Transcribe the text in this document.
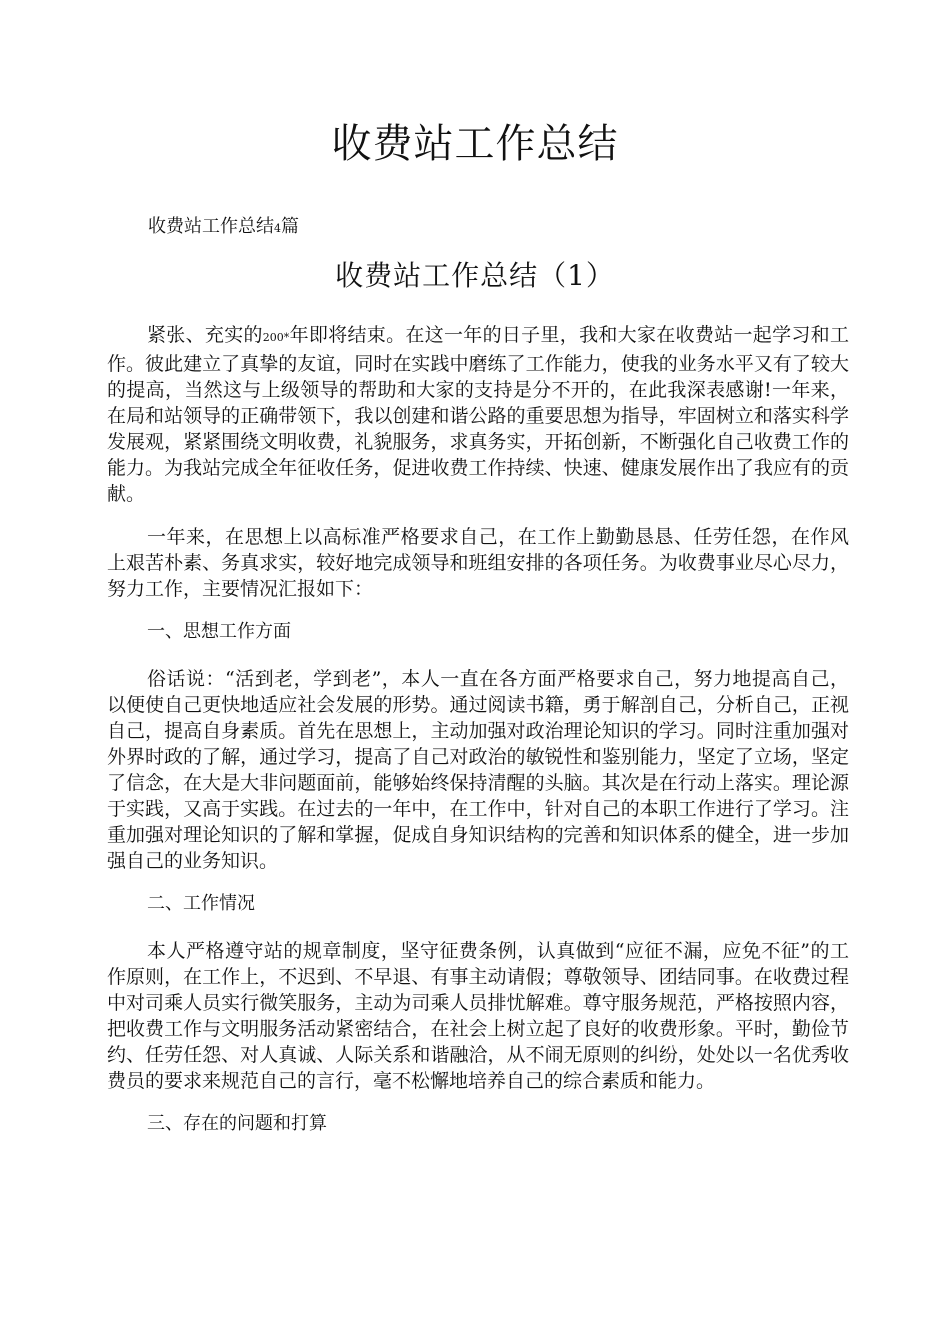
收费站工作总结

收费站工作总结4篇

收费站工作总结（1）

紧张、充实的200*年即将结束。在这一年的日子里，我和大家在收费站一起学习和工作。彼此建立了真挚的友谊，同时在实践中磨练了工作能力，使我的业务水平又有了较大的提高，当然这与上级领导的帮助和大家的支持是分不开的，在此我深表感谢!一年来，在局和站领导的正确带领下，我以创建和谐公路的重要思想为指导，牢固树立和落实科学发展观，紧紧围绕文明收费，礼貌服务，求真务实，开拓创新，不断强化自己收费工作的能力。为我站完成全年征收任务，促进收费工作持续、快速、健康发展作出了我应有的贡献。

一年来，在思想上以高标准严格要求自己，在工作上勤勤恳恳、任劳任怨，在作风上艰苦朴素、务真求实，较好地完成领导和班组安排的各项任务。为收费事业尽心尽力，努力工作，主要情况汇报如下：

一、思想工作方面

俗话说：“活到老，学到老”，本人一直在各方面严格要求自己，努力地提高自己，以便使自己更快地适应社会发展的形势。通过阅读书籍，勇于解剖自己，分析自己，正视自己，提高自身素质。首先在思想上，主动加强对政治理论知识的学习。同时注重加强对外界时政的了解，通过学习，提高了自己对政治的敏锐性和鉴别能力，坚定了立场，坚定了信念，在大是大非问题面前，能够始终保持清醒的头脑。其次是在行动上落实。理论源于实践，又高于实践。在过去的一年中，在工作中，针对自己的本职工作进行了学习。注重加强对理论知识的了解和掌握，促成自身知识结构的完善和知识体系的健全，进一步加强自己的业务知识。

二、工作情况

本人严格遵守站的规章制度，坚守征费条例，认真做到“应征不漏，应免不征”的工作原则，在工作上，不迟到、不早退、有事主动请假；尊敬领导、团结同事。在收费过程中对司乘人员实行微笑服务，主动为司乘人员排忧解难。尊守服务规范，严格按照内容，把收费工作与文明服务活动紧密结合，在社会上树立起了良好的收费形象。平时，勤俭节约、任劳任怨、对人真诚、人际关系和谐融洽，从不闹无原则的纠纷，处处以一名优秀收费员的要求来规范自己的言行，毫不松懈地培养自己的综合素质和能力。

三、存在的问题和打算
